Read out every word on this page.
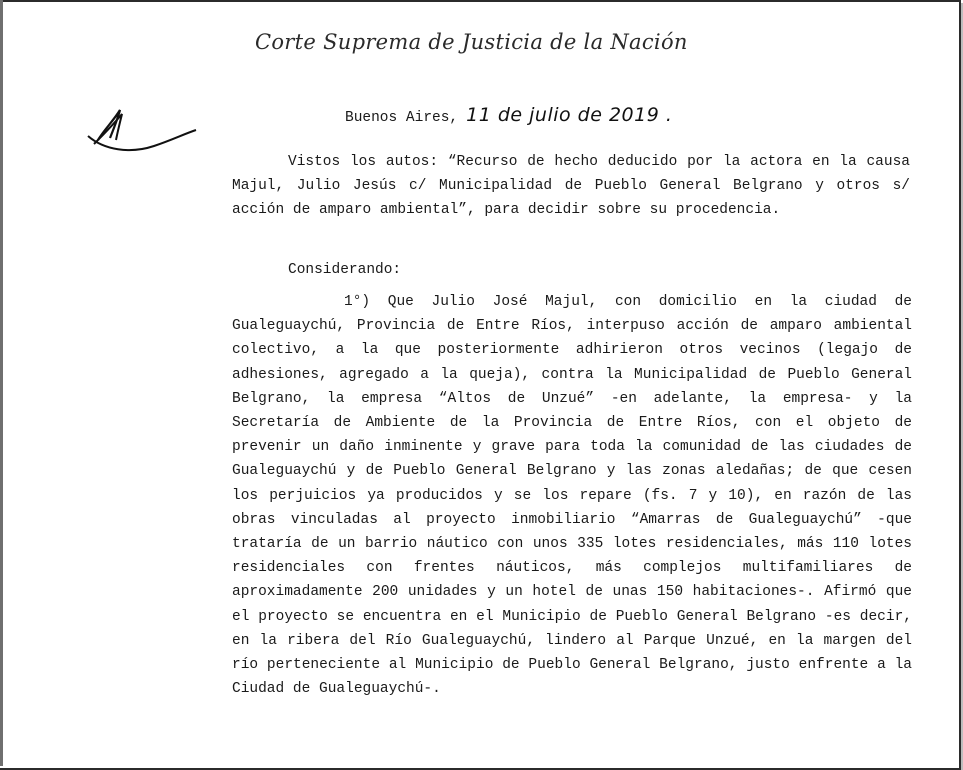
Corte Suprema de Justicia de la Nación
Buenos Aires, 11 de julio de 2019 .
Vistos los autos: “Recurso de hecho deducido por la actora en la causa Majul, Julio Jesús c/ Municipalidad de Pueblo General Belgrano y otros s/ acción de amparo ambiental”, para decidir sobre su procedencia.
Considerando:
1°) Que Julio José Majul, con domicilio en la ciudad de Gualeguaychú, Provincia de Entre Ríos, interpuso acción de amparo ambiental colectivo, a la que posteriormente adhirieron otros vecinos (legajo de adhesiones, agregado a la queja), contra la Municipalidad de Pueblo General Belgrano, la empresa “Altos de Unzué” -en adelante, la empresa- y la Secretaría de Ambiente de la Provincia de Entre Ríos, con el objeto de prevenir un daño inminente y grave para toda la comunidad de las ciudades de Gualeguaychú y de Pueblo General Belgrano y las zonas aledañas; de que cesen los perjuicios ya producidos y se los repare (fs. 7 y 10), en razón de las obras vinculadas al proyecto inmobiliario “Amarras de Gualeguaychú” -que trataría de un barrio náutico con unos 335 lotes residenciales, más 110 lotes residenciales con frentes náuticos, más complejos multifamiliares de aproximadamente 200 unidades y un hotel de unas 150 habitaciones-. Afirmó que el proyecto se encuentra en el Municipio de Pueblo General Belgrano -es decir, en la ribera del Río Gualeguaychú, lindero al Parque Unzué, en la margen del río perteneciente al Municipio de Pueblo General Belgrano, justo enfrente a la Ciudad de Gualeguaychú-.
